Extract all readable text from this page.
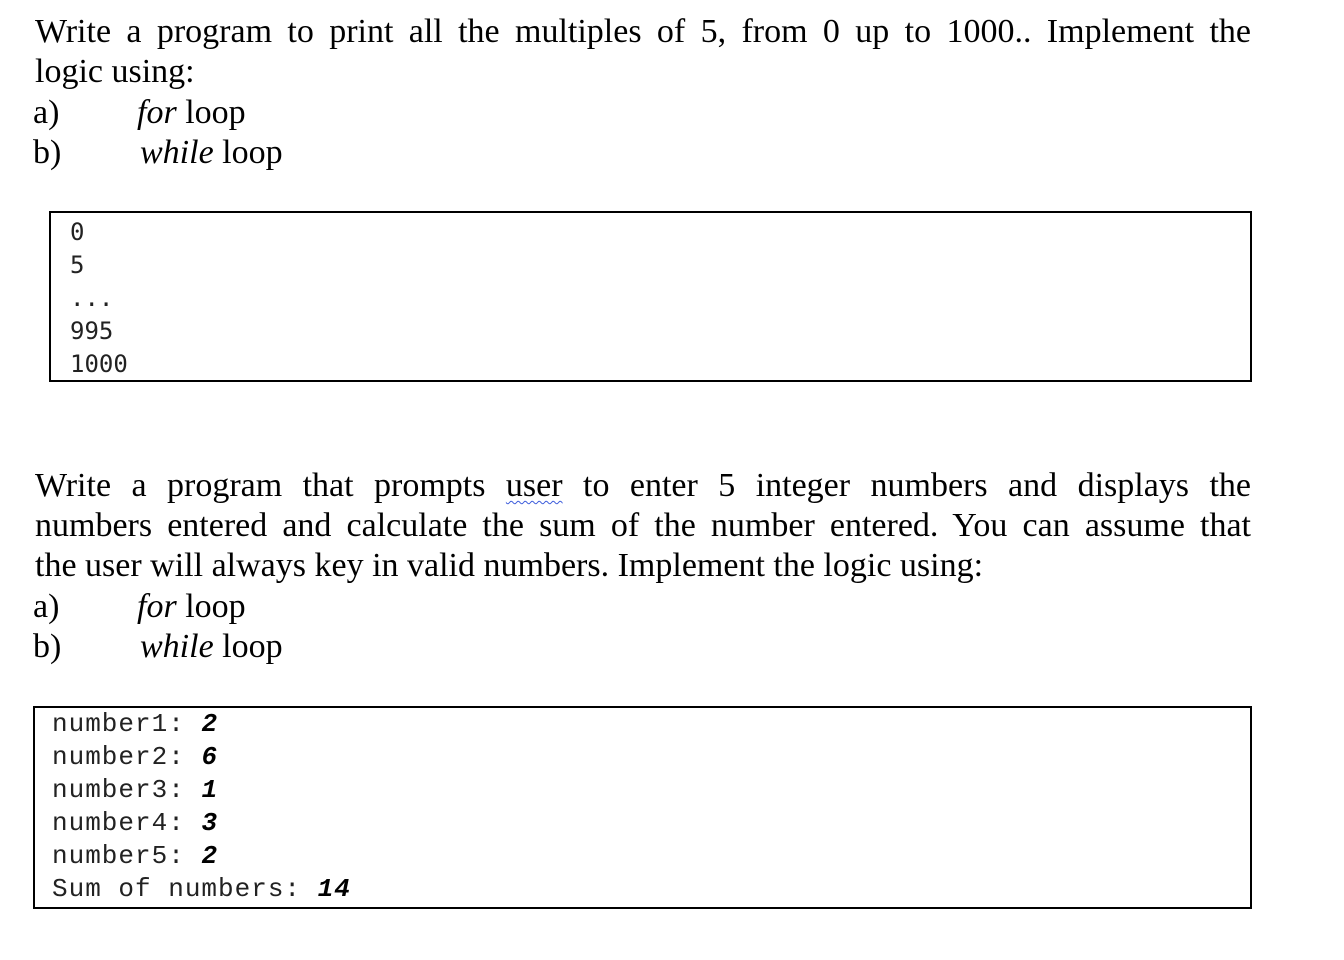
Write a program to print all the multiples of 5, from 0 up to 1000.. Implement the
logic using:
a) for loop
b) while loop
0
5
...
995
1000
Write a program that prompts user to enter 5 integer numbers and displays the
numbers entered and calculate the sum of the number entered. You can assume that
the user will always key in valid numbers. Implement the logic using:
a) for loop
b) while loop
number1: 2
number2: 6
number3: 1
number4: 3
number5: 2
Sum of numbers: 14
